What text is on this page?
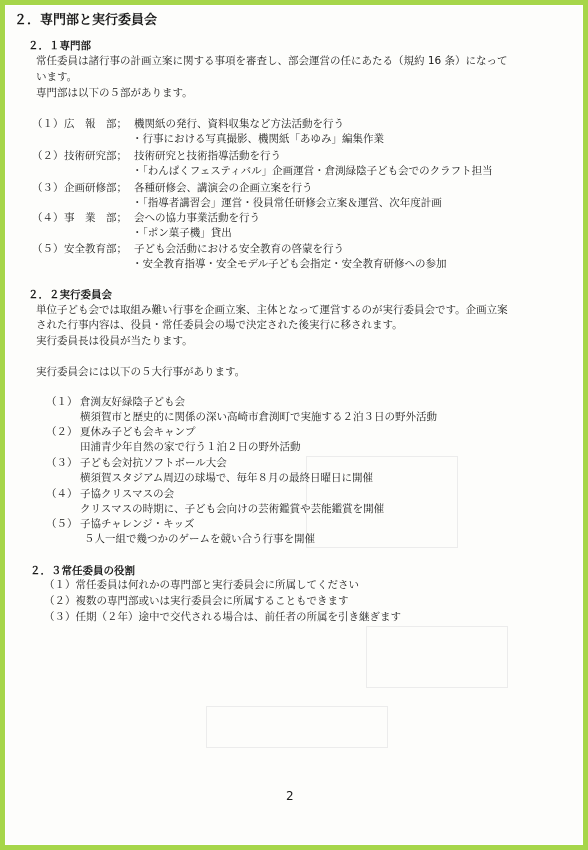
２．専門部と実行委員会
２．１専門部
常任委員は諸行事の計画立案に関する事項を審査し、部会運営の任にあたる（規約 16 条）になって
います。
専門部は以下の５部があります。
（１） 広　報　部； 機関紙の発行、資料収集など方法活動を行う
・行事における写真撮影、機関紙「あゆみ」編集作業
（２） 技術研究部； 技術研究と技術指導活動を行う
・「わんぱくフェスティバル」企画運営・倉渕緑陰子ども会でのクラフト担当
（３） 企画研修部； 各種研修会、講演会の企画立案を行う
・「指導者講習会」運営・役員常任研修会立案＆運営、次年度計画
（４） 事　業　部； 会への協力事業活動を行う
・「ポン菓子機」貸出
（５） 安全教育部； 子ども会活動における安全教育の啓蒙を行う
・安全教育指導・安全モデル子ども会指定・安全教育研修への参加
２．２実行委員会
単位子ども会では取組み難い行事を企画立案、主体となって運営するのが実行委員会です。企画立案
された行事内容は、役員・常任委員会の場で決定された後実行に移されます。
実行委員長は役員が当たります。
実行委員会には以下の５大行事があります。
（１） 倉渕友好緑陰子ども会
横須賀市と歴史的に関係の深い高崎市倉渕町で実施する２泊３日の野外活動
（２） 夏休み子ども会キャンプ
田浦青少年自然の家で行う１泊２日の野外活動
（３） 子ども会対抗ソフトボール大会
横須賀スタジアム周辺の球場で、毎年８月の最終日曜日に開催
（４） 子協クリスマスの会
クリスマスの時期に、子ども会向けの芸術鑑賞や芸能鑑賞を開催
（５） 子協チャレンジ・キッズ
５人一組で幾つかのゲームを競い合う行事を開催
２．３常任委員の役割
（１）常任委員は何れかの専門部と実行委員会に所属してください
（２）複数の専門部或いは実行委員会に所属することもできます
（３）任期（２年）途中で交代される場合は、前任者の所属を引き継ぎます
2
